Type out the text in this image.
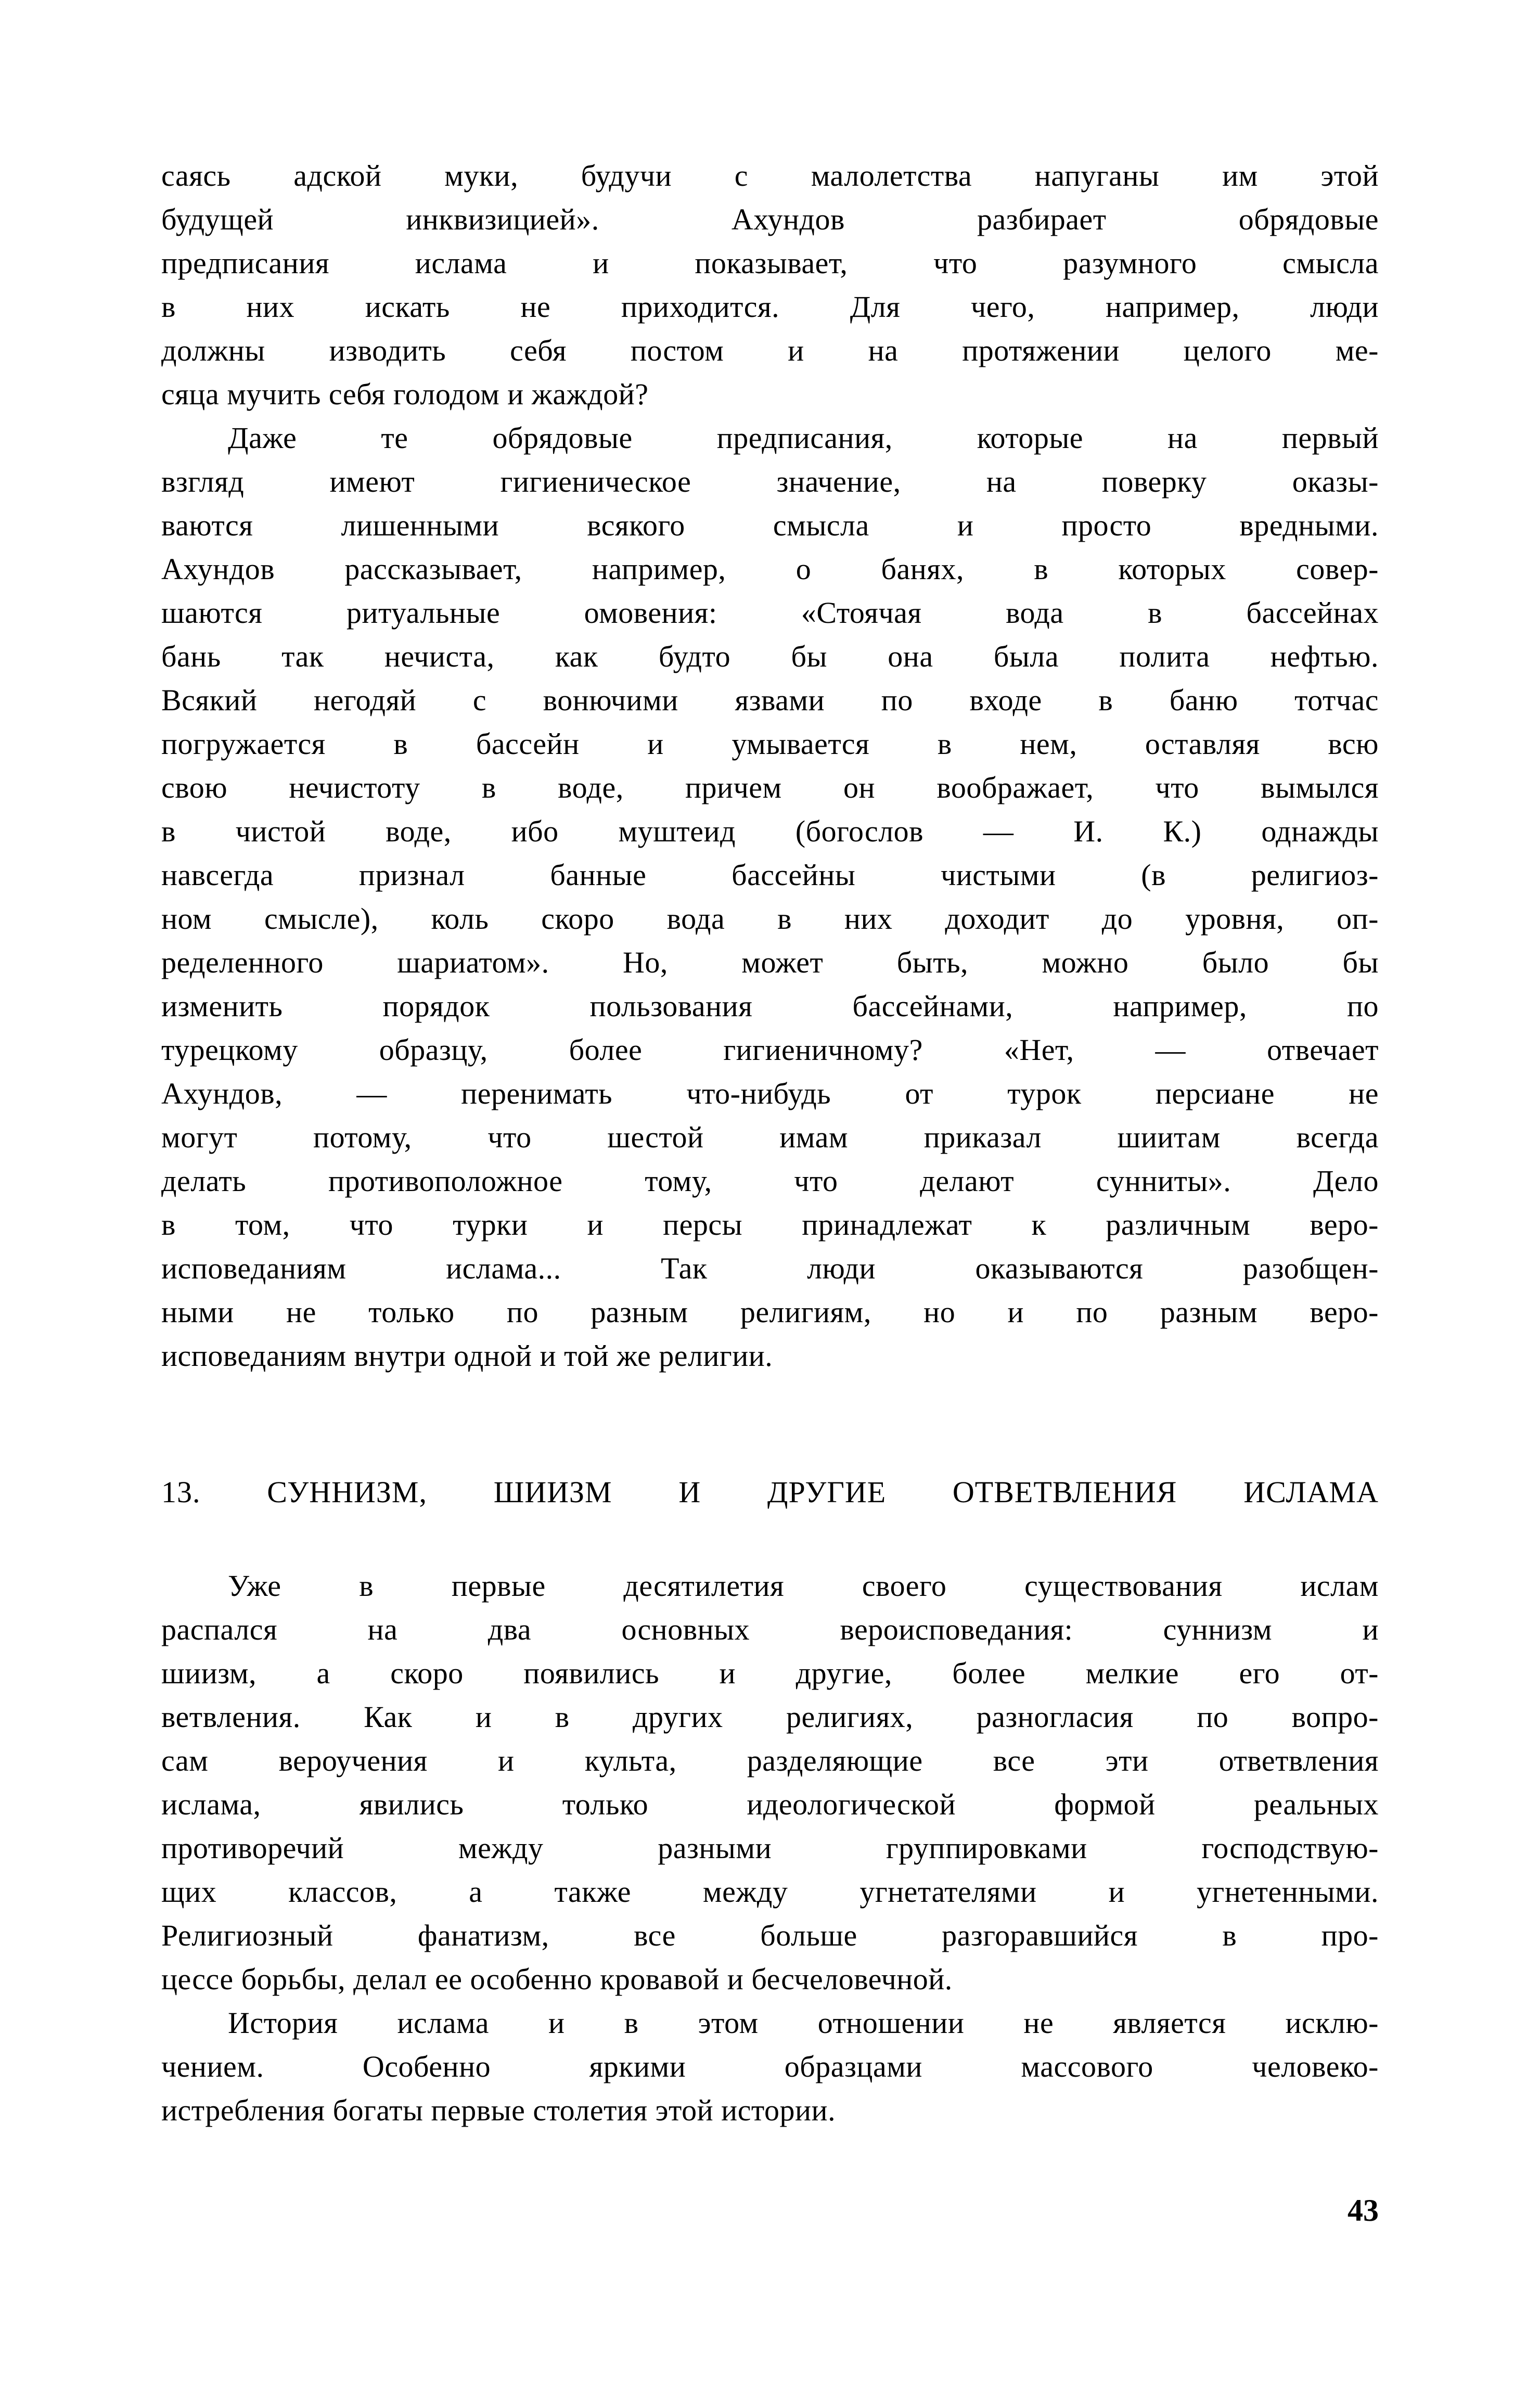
саясь адской муки, будучи с малолетства напуганы им этой
будущей инквизицией». Ахундов разбирает обрядовые
предписания ислама и показывает, что разумного смысла
в них искать не приходится. Для чего, например, люди
должны изводить себя постом и на протяжении целого ме-
сяца мучить себя голодом и жаждой?
Даже те обрядовые предписания, которые на первый
взгляд имеют гигиеническое значение, на поверку оказы-
ваются лишенными всякого смысла и просто вредными.
Ахундов рассказывает, например, о банях, в которых совер-
шаются ритуальные омовения: «Стоячая вода в бассейнах
бань так нечиста, как будто бы она была полита нефтью.
Всякий негодяй с вонючими язвами по входе в баню тотчас
погружается в бассейн и умывается в нем, оставляя всю
свою нечистоту в воде, причем он воображает, что вымылся
в чистой воде, ибо муштеид (богослов — И. К.) однажды
навсегда признал банные бассейны чистыми (в религиоз-
ном смысле), коль скоро вода в них доходит до уровня, оп-
ределенного шариатом». Но, может быть, можно было бы
изменить порядок пользования бассейнами, например, по
турецкому образцу, более гигиеничному? «Нет, — отвечает
Ахундов, — перенимать что-нибудь от турок персиане не
могут потому, что шестой имам приказал шиитам всегда
делать противоположное тому, что делают сунниты». Дело
в том, что турки и персы принадлежат к различным веро-
исповеданиям ислама... Так люди оказываются разобщен-
ными не только по разным религиям, но и по разным веро-
исповеданиям внутри одной и той же религии.
13. СУННИЗМ, ШИИЗМ И ДРУГИЕ ОТВЕТВЛЕНИЯ ИСЛАМА
Уже в первые десятилетия своего существования ислам
распался на два основных вероисповедания: суннизм и
шиизм, а скоро появились и другие, более мелкие его от-
ветвления. Как и в других религиях, разногласия по вопро-
сам вероучения и культа, разделяющие все эти ответвления
ислама, явились только идеологической формой реальных
противоречий между разными группировками господствую-
щих классов, а также между угнетателями и угнетенными.
Религиозный фанатизм, все больше разгоравшийся в про-
цессе борьбы, делал ее особенно кровавой и бесчеловечной.
История ислама и в этом отношении не является исклю-
чением. Особенно яркими образцами массового человеко-
истребления богаты первые столетия этой истории.
43
